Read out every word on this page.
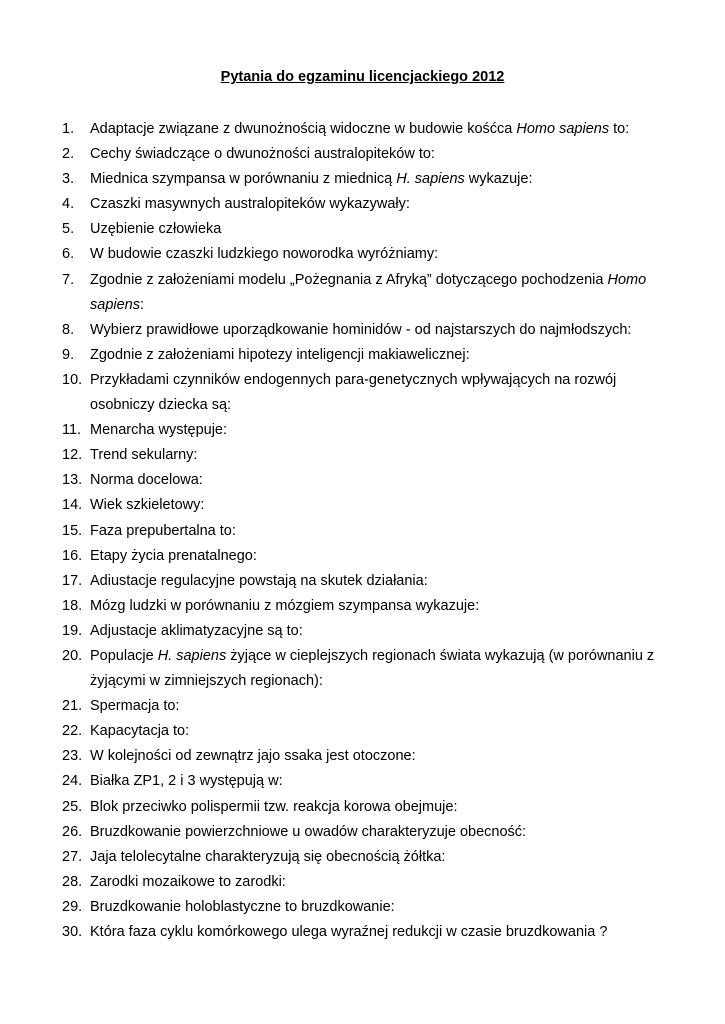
Pytania do egzaminu licencjackiego 2012
1. Adaptacje związane z dwunożnością widoczne w budowie kośćca Homo sapiens to:
2. Cechy świadczące o dwunożności australopiteków to:
3. Miednica szympansa w porównaniu z miednicą H. sapiens wykazuje:
4. Czaszki masywnych australopiteków wykazywały:
5. Uzębienie człowieka
6. W budowie czaszki ludzkiego noworodka wyróżniamy:
7. Zgodnie z założeniami modelu „Pożegnania z Afryką” dotyczącego pochodzenia Homo sapiens:
8. Wybierz prawidłowe uporządkowanie hominidów - od najstarszych do najmłodszych:
9. Zgodnie z założeniami hipotezy inteligencji makiawelicznej:
10. Przykładami czynników endogennych para-genetycznych wpływających na rozwój osobniczy dziecka są:
11. Menarcha występuje:
12. Trend sekularny:
13. Norma docelowa:
14. Wiek szkieletowy:
15. Faza prepubertalna to:
16. Etapy życia prenatalnego:
17. Adiustacje regulacyjne powstają na skutek działania:
18. Mózg ludzki w porównaniu z mózgiem szympansa wykazuje:
19. Adjustacje aklimatyzacyjne są to:
20. Populacje H. sapiens żyjące w cieplejszych regionach świata wykazują (w porównaniu z żyjącymi w zimniejszych regionach):
21. Spermacja to:
22. Kapacytacja to:
23. W kolejności od zewnątrz jajo ssaka jest otoczone:
24. Białka ZP1, 2 i 3 występują w:
25. Blok przeciwko polispermii tzw. reakcja korowa obejmuje:
26. Bruzdkowanie powierzchniowe u owadów charakteryzuje obecność:
27. Jaja telolecytalne charakteryzują się obecnością żółtka:
28. Zarodki mozaikowe to zarodki:
29. Bruzdkowanie holoblastyczne to bruzdkowanie:
30. Która faza cyklu komórkowego ulega wyraźnej redukcji w czasie bruzdkowania ?
